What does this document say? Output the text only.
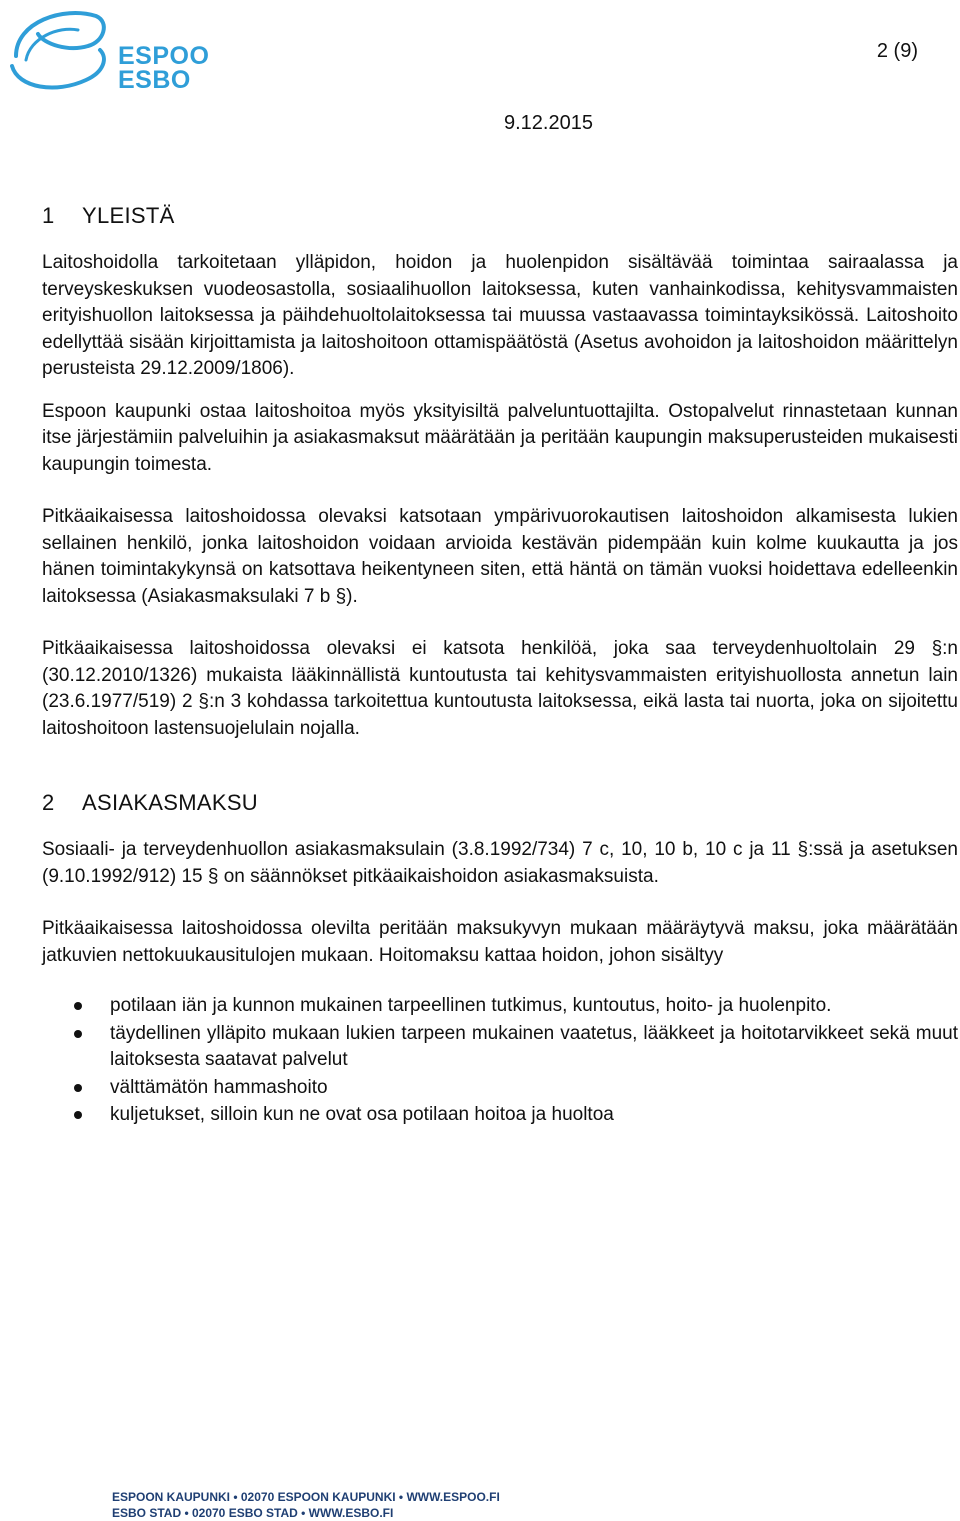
ESPOO
ESBO
2 (9)
9.12.2015
1 YLEISTÄ

Laitoshoidolla tarkoitetaan ylläpidon, hoidon ja huolenpidon sisältävää toimintaa sairaalassa ja terveyskeskuksen vuodeosastolla, sosiaalihuollon laitoksessa, kuten vanhainkodissa, kehitysvammaisten erityishuollon laitoksessa ja päihdehuoltolaitoksessa tai muussa vastaavassa toimintayksikössä. Laitoshoito edellyttää sisään kirjoittamista ja laitoshoitoon ottamispäätöstä (Asetus avohoidon ja laitoshoidon määrittelyn perusteista 29.12.2009/1806).

Espoon kaupunki ostaa laitoshoitoa myös yksityisiltä palveluntuottajilta. Ostopalvelut rinnastetaan kunnan itse järjestämiin palveluihin ja asiakasmaksut määrätään ja peritään kaupungin maksuperusteiden mukaisesti kaupungin toimesta.

Pitkäaikaisessa laitoshoidossa olevaksi katsotaan ympärivuorokautisen laitoshoidon alkamisesta lukien sellainen henkilö, jonka laitoshoidon voidaan arvioida kestävän pidempään kuin kolme kuukautta ja jos hänen toimintakykynsä on katsottava heikentyneen siten, että häntä on tämän vuoksi hoidettava edelleenkin laitoksessa (Asiakasmaksulaki 7 b §).

Pitkäaikaisessa laitoshoidossa olevaksi ei katsota henkilöä, joka saa terveydenhuoltolain 29 §:n (30.12.2010/1326) mukaista lääkinnällistä kuntoutusta tai kehitysvammaisten erityishuollosta annetun lain (23.6.1977/519) 2 §:n 3 kohdassa tarkoitettua kuntoutusta laitoksessa, eikä lasta tai nuorta, joka on sijoitettu laitoshoitoon lastensuojelulain nojalla.

2 ASIAKASMAKSU

Sosiaali- ja terveydenhuollon asiakasmaksulain (3.8.1992/734) 7 c, 10, 10 b, 10 c ja 11 §:ssä ja asetuksen (9.10.1992/912) 15 § on säännökset pitkäaikaishoidon asiakasmaksuista.

Pitkäaikaisessa laitoshoidossa olevilta peritään maksukyvyn mukaan määräytyvä maksu, joka määrätään jatkuvien nettokuukausitulojen mukaan. Hoitomaksu kattaa hoidon, johon sisältyy

potilaan iän ja kunnon mukainen tarpeellinen tutkimus, kuntoutus, hoito- ja huolenpito.
täydellinen ylläpito mukaan lukien tarpeen mukainen vaatetus, lääkkeet ja hoitotarvikkeet sekä muut laitoksesta saatavat palvelut
välttämätön hammashoito
kuljetukset, silloin kun ne ovat osa potilaan hoitoa ja huoltoa
ESPOON KAUPUNKI • 02070 ESPOON KAUPUNKI • WWW.ESPOO.FI
ESBO STAD • 02070 ESBO STAD • WWW.ESBO.FI
